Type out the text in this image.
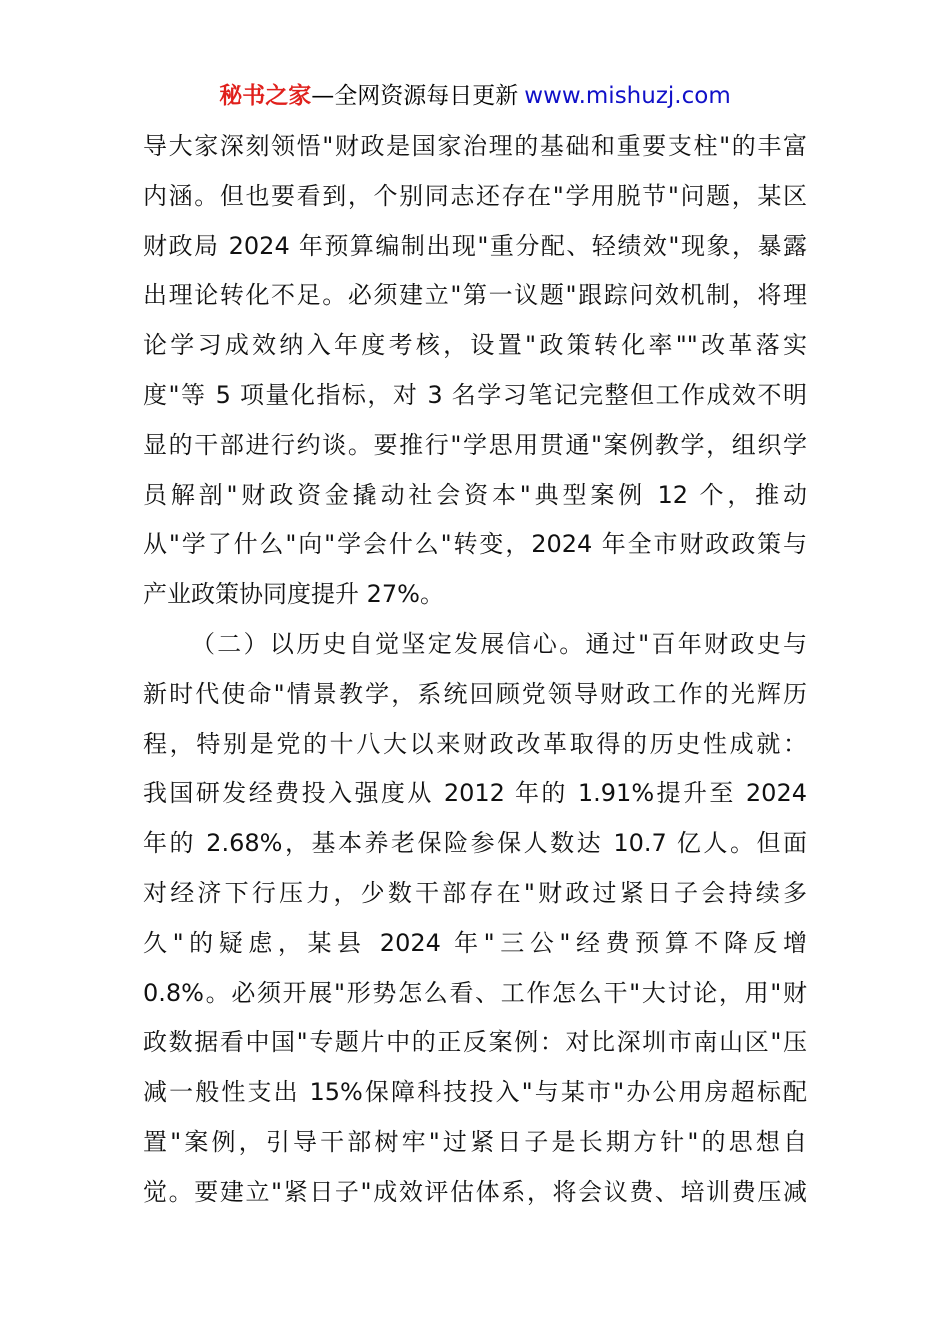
秘书之家—全网资源每日更新 www.mishuzj.com
导大家深刻领悟"财政是国家治理的基础和重要支柱"的丰富
内涵。但也要看到，个别同志还存在"学用脱节"问题，某区
财政局 2024 年预算编制出现"重分配、轻绩效"现象，暴露
出理论转化不足。必须建立"第一议题"跟踪问效机制，将理
论学习成效纳入年度考核，设置"政策转化率""改革落实
度"等 5 项量化指标，对 3 名学习笔记完整但工作成效不明
显的干部进行约谈。要推行"学思用贯通"案例教学，组织学
员解剖"财政资金撬动社会资本"典型案例 12 个，推动
从"学了什么"向"学会什么"转变，2024 年全市财政政策与
产业政策协同度提升 27%。
（二）以历史自觉坚定发展信心。通过"百年财政史与
新时代使命"情景教学，系统回顾党领导财政工作的光辉历
程，特别是党的十八大以来财政改革取得的历史性成就：
我国研发经费投入强度从 2012 年的 1.91%提升至 2024
年的 2.68%，基本养老保险参保人数达 10.7 亿人。但面
对经济下行压力，少数干部存在"财政过紧日子会持续多
久"的疑虑，某县 2024 年"三公"经费预算不降反增
0.8%。必须开展"形势怎么看、工作怎么干"大讨论，用"财
政数据看中国"专题片中的正反案例：对比深圳市南山区"压
减一般性支出 15%保障科技投入"与某市"办公用房超标配
置"案例，引导干部树牢"过紧日子是长期方针"的思想自
觉。要建立"紧日子"成效评估体系，将会议费、培训费压减
